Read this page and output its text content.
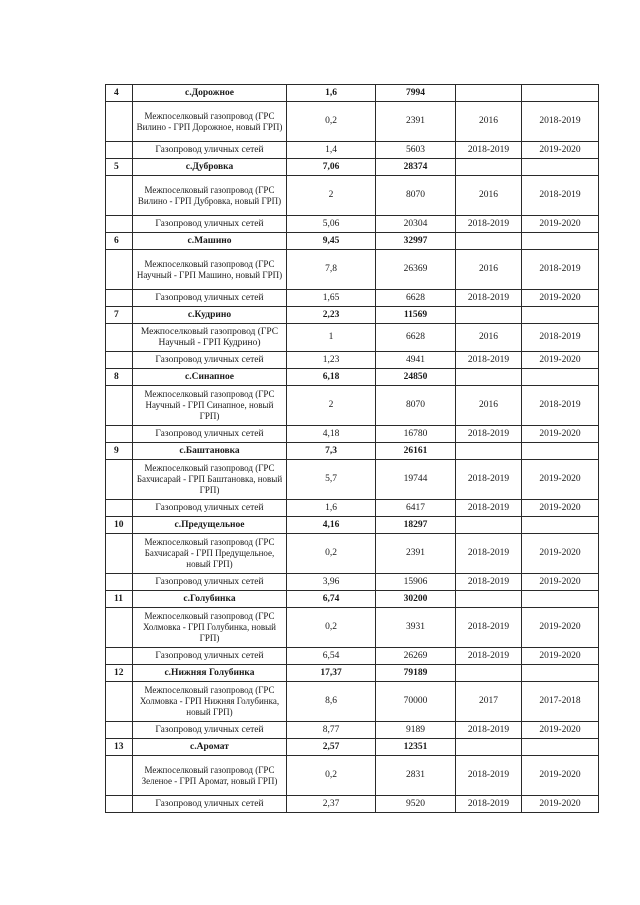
4	с.Дорожное	1,6	7994		
	Межпоселковый газопровод (ГРС Вилино - ГРП Дорожное, новый ГРП)	0,2	2391	2016	2018-2019
	Газопровод уличных сетей	1,4	5603	2018-2019	2019-2020
5	с.Дубровка	7,06	28374		
	Межпоселковый газопровод (ГРС Вилино - ГРП Дубровка, новый ГРП)	2	8070	2016	2018-2019
	Газопровод уличных сетей	5,06	20304	2018-2019	2019-2020
6	с.Машино	9,45	32997		
	Межпоселковый газопровод (ГРС Научный - ГРП Машино, новый ГРП)	7,8	26369	2016	2018-2019
	Газопровод уличных сетей	1,65	6628	2018-2019	2019-2020
7	с.Кудрино	2,23	11569		
	Межпоселковый газопровод (ГРС Научный - ГРП Кудрино)	1	6628	2016	2018-2019
	Газопровод уличных сетей	1,23	4941	2018-2019	2019-2020
8	с.Синапное	6,18	24850		
	Межпоселковый газопровод (ГРС Научный - ГРП Синапное, новый ГРП)	2	8070	2016	2018-2019
	Газопровод уличных сетей	4,18	16780	2018-2019	2019-2020
9	с.Баштановка	7,3	26161		
	Межпоселковый газопровод (ГРС Бахчисарай - ГРП Баштановка, новый ГРП)	5,7	19744	2018-2019	2019-2020
	Газопровод уличных сетей	1,6	6417	2018-2019	2019-2020
10	с.Предущельное	4,16	18297		
	Межпоселковый газопровод (ГРС Бахчисарай - ГРП Предущельное, новый ГРП)	0,2	2391	2018-2019	2019-2020
	Газопровод уличных сетей	3,96	15906	2018-2019	2019-2020
11	с.Голубинка	6,74	30200		
	Межпоселковый газопровод (ГРС Холмовка - ГРП Голубинка, новый ГРП)	0,2	3931	2018-2019	2019-2020
	Газопровод уличных сетей	6,54	26269	2018-2019	2019-2020
12	с.Нижняя Голубинка	17,37	79189		
	Межпоселковый газопровод (ГРС Холмовка - ГРП Нижняя Голубинка, новый ГРП)	8,6	70000	2017	2017-2018
	Газопровод уличных сетей	8,77	9189	2018-2019	2019-2020
13	с.Аромат	2,57	12351		
	Межпоселковый газопровод (ГРС Зеленое - ГРП Аромат, новый ГРП)	0,2	2831	2018-2019	2019-2020
	Газопровод уличных сетей	2,37	9520	2018-2019	2019-2020
